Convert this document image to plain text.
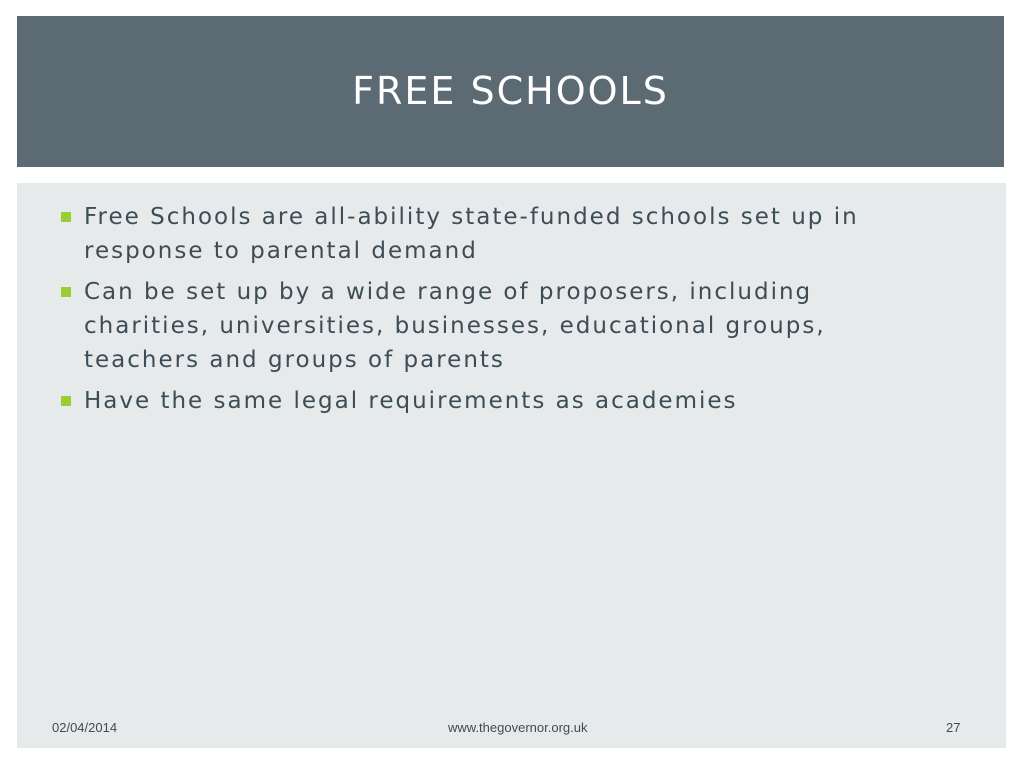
FREE SCHOOLS
Free Schools are all-ability state-funded schools set up in response to parental demand
Can be set up by a wide range of proposers, including charities, universities, businesses, educational groups, teachers and groups of parents
Have the same legal requirements as academies
02/04/2014	www.thegovernor.org.uk	27
